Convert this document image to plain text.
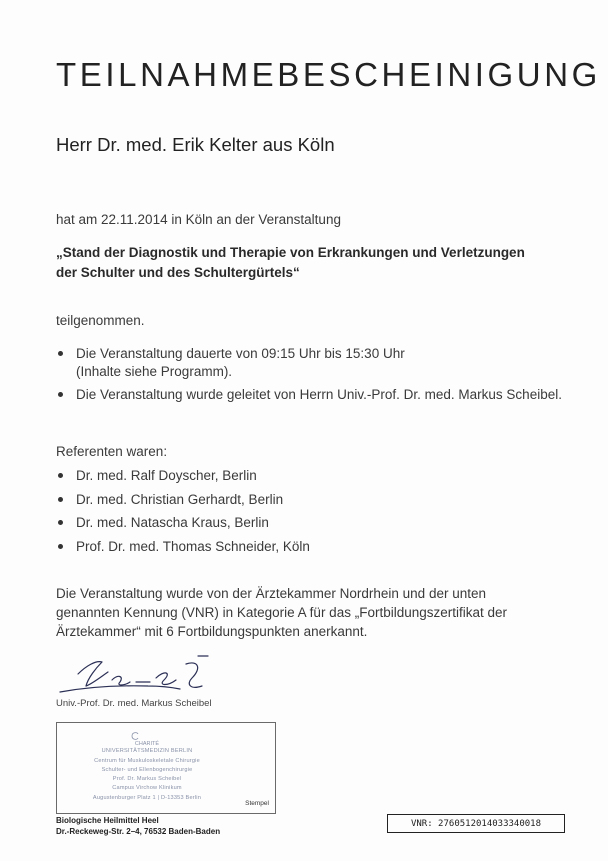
TEILNAHMEBESCHEINIGUNG
Herr Dr. med. Erik Kelter aus Köln
hat am 22.11.2014 in Köln an der Veranstaltung
„Stand der Diagnostik und Therapie von Erkrankungen und Verletzungen
der Schulter und des Schultergürtels“
teilgenommen.
Die Veranstaltung dauerte von 09:15 Uhr bis 15:30 Uhr
(Inhalte siehe Programm).
Die Veranstaltung wurde geleitet von Herrn Univ.-Prof. Dr. med. Markus Scheibel.
Referenten waren:
Dr. med. Ralf Doyscher, Berlin
Dr. med. Christian Gerhardt, Berlin
Dr. med. Natascha Kraus, Berlin
Prof. Dr. med. Thomas Schneider, Köln
Die Veranstaltung wurde von der Ärztekammer Nordrhein und der unten
genannten Kennung (VNR) in Kategorie A für das „Fortbildungszertifikat der
Ärztekammer“ mit 6 Fortbildungspunkten anerkannt.
Univ.-Prof. Dr. med. Markus Scheibel
CHARITÉ
UNIVERSITÄTSMEDIZIN BERLIN
Centrum für Muskuloskeletale Chirurgie
Schulter- und Ellenbogenchirurgie
Prof. Dr. Markus Scheibel
Campus Virchow Klinikum
Augustenburger Platz 1 | D-13353 Berlin
Stempel
Biologische Heilmittel Heel
Dr.-Reckeweg-Str. 2–4, 76532 Baden-Baden
VNR: 2760512014033340018
